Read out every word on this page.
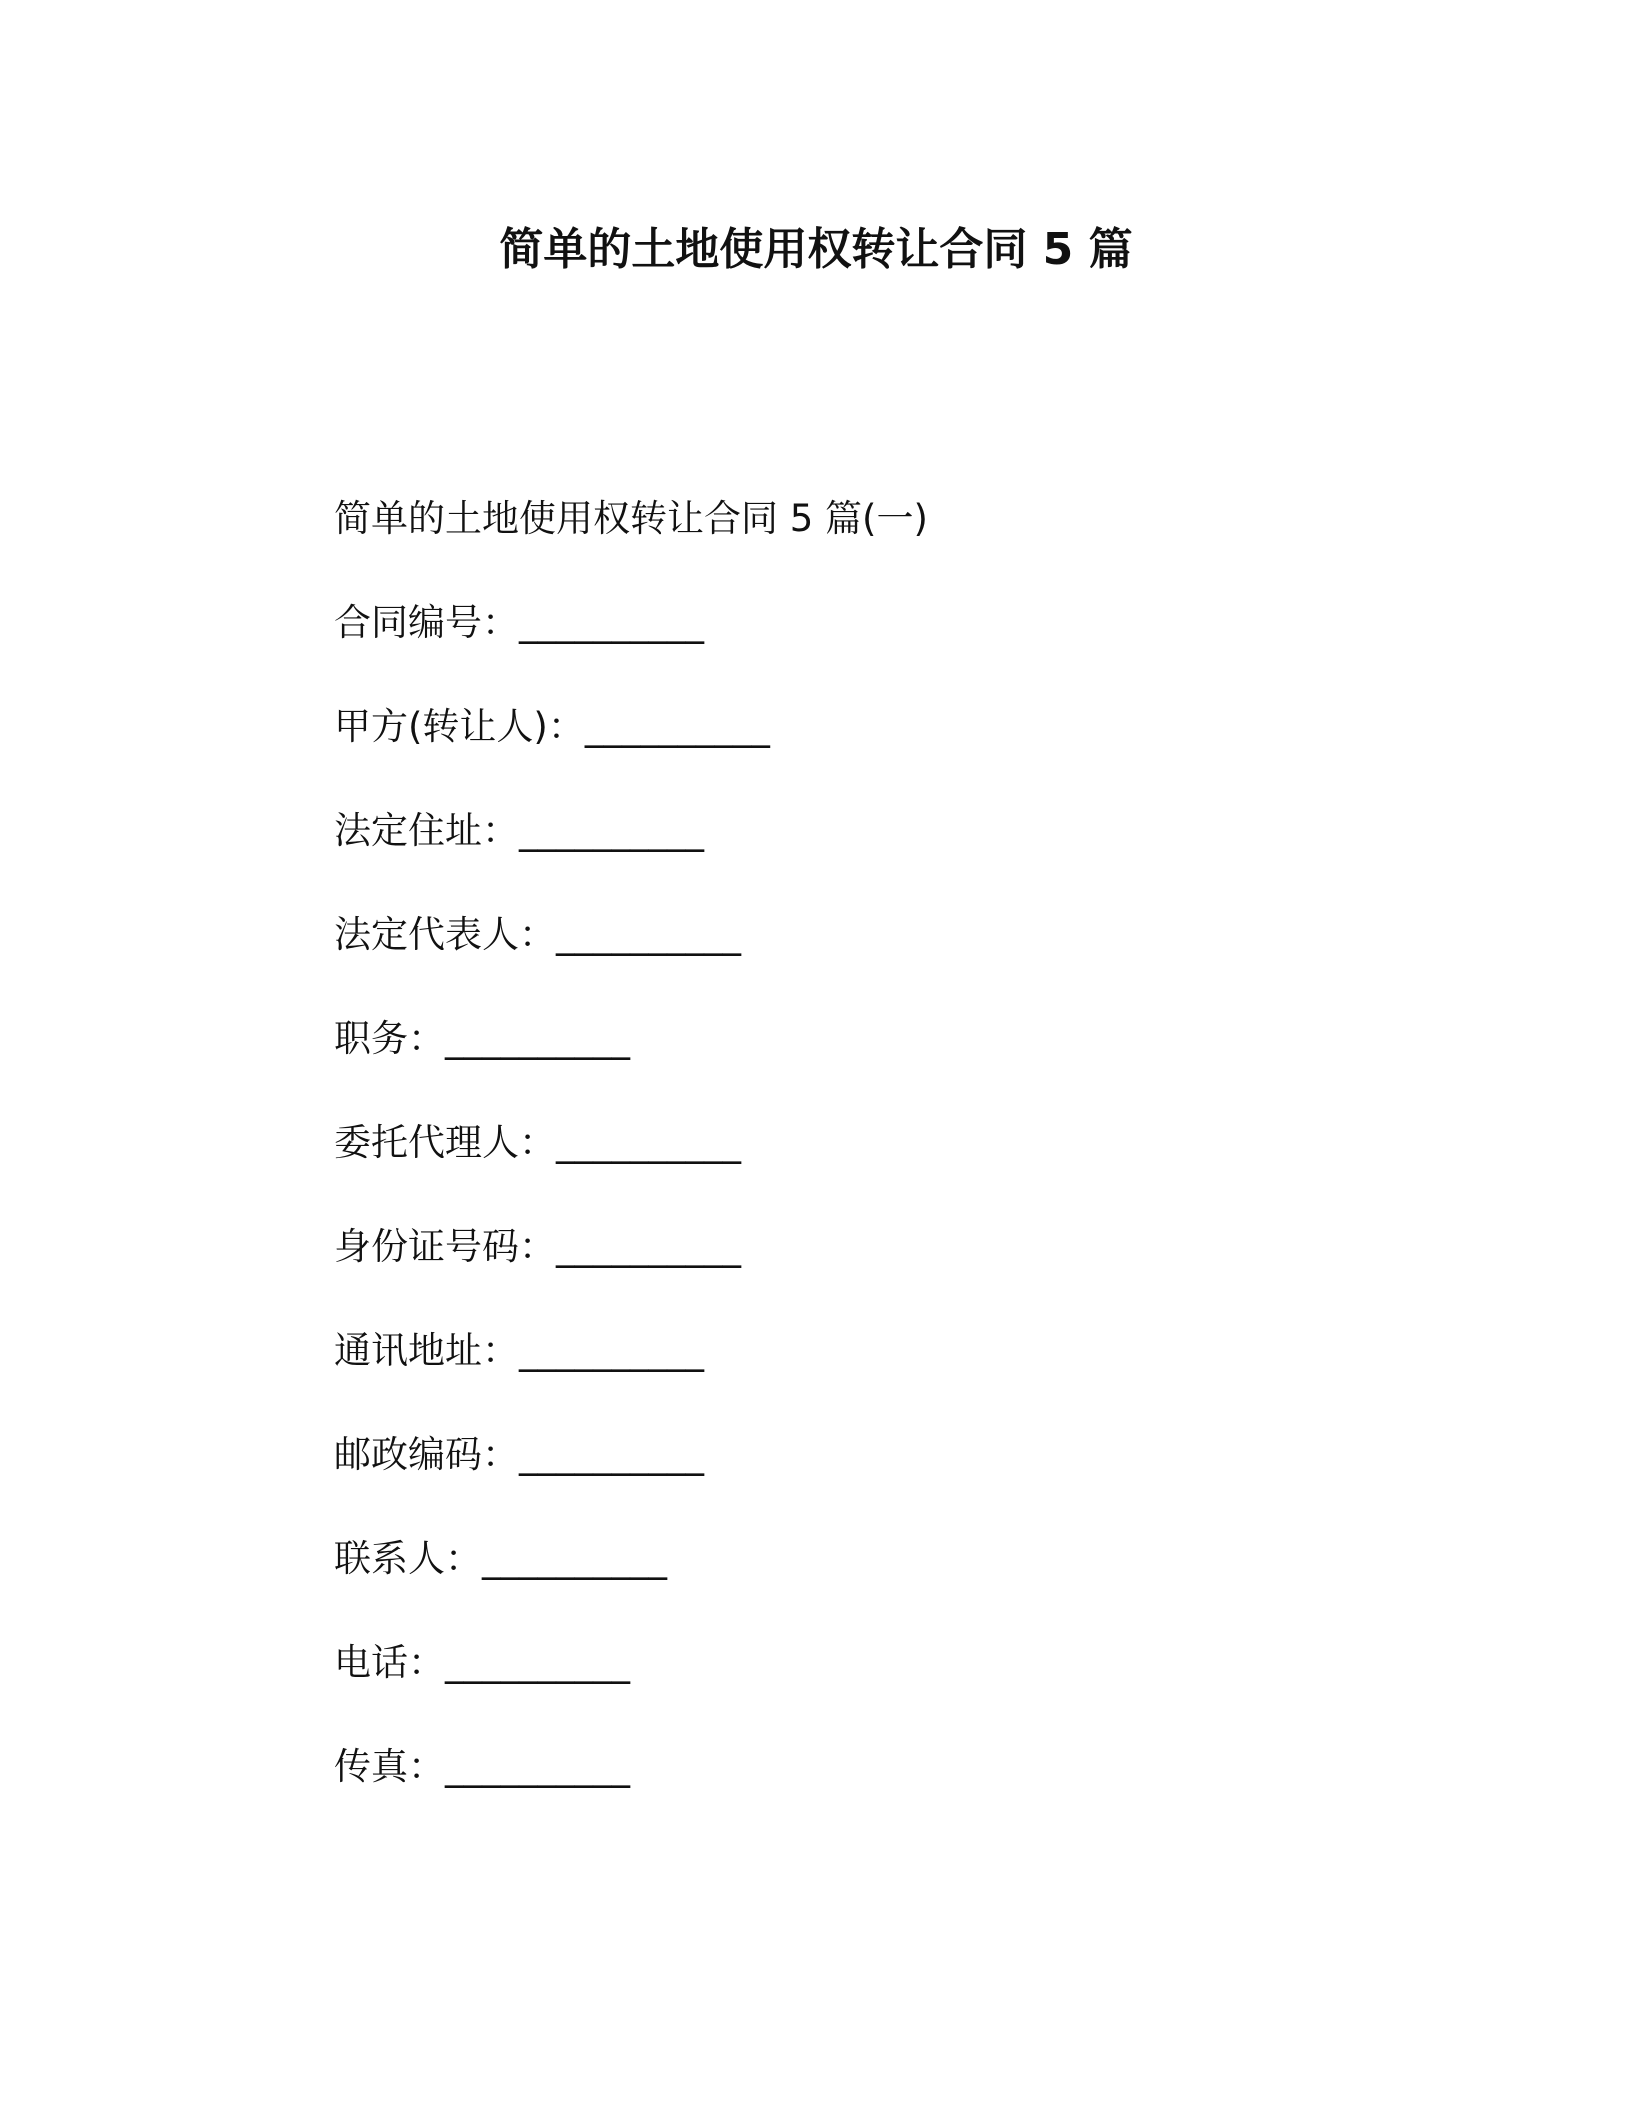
简单的土地使用权转让合同 5 篇
简单的土地使用权转让合同 5 篇(一)
合同编号：__________
甲方(转让人)：__________
法定住址：__________
法定代表人：__________
职务：__________
委托代理人：__________
身份证号码：__________
通讯地址：__________
邮政编码：__________
联系人：__________
电话：__________
传真：__________
